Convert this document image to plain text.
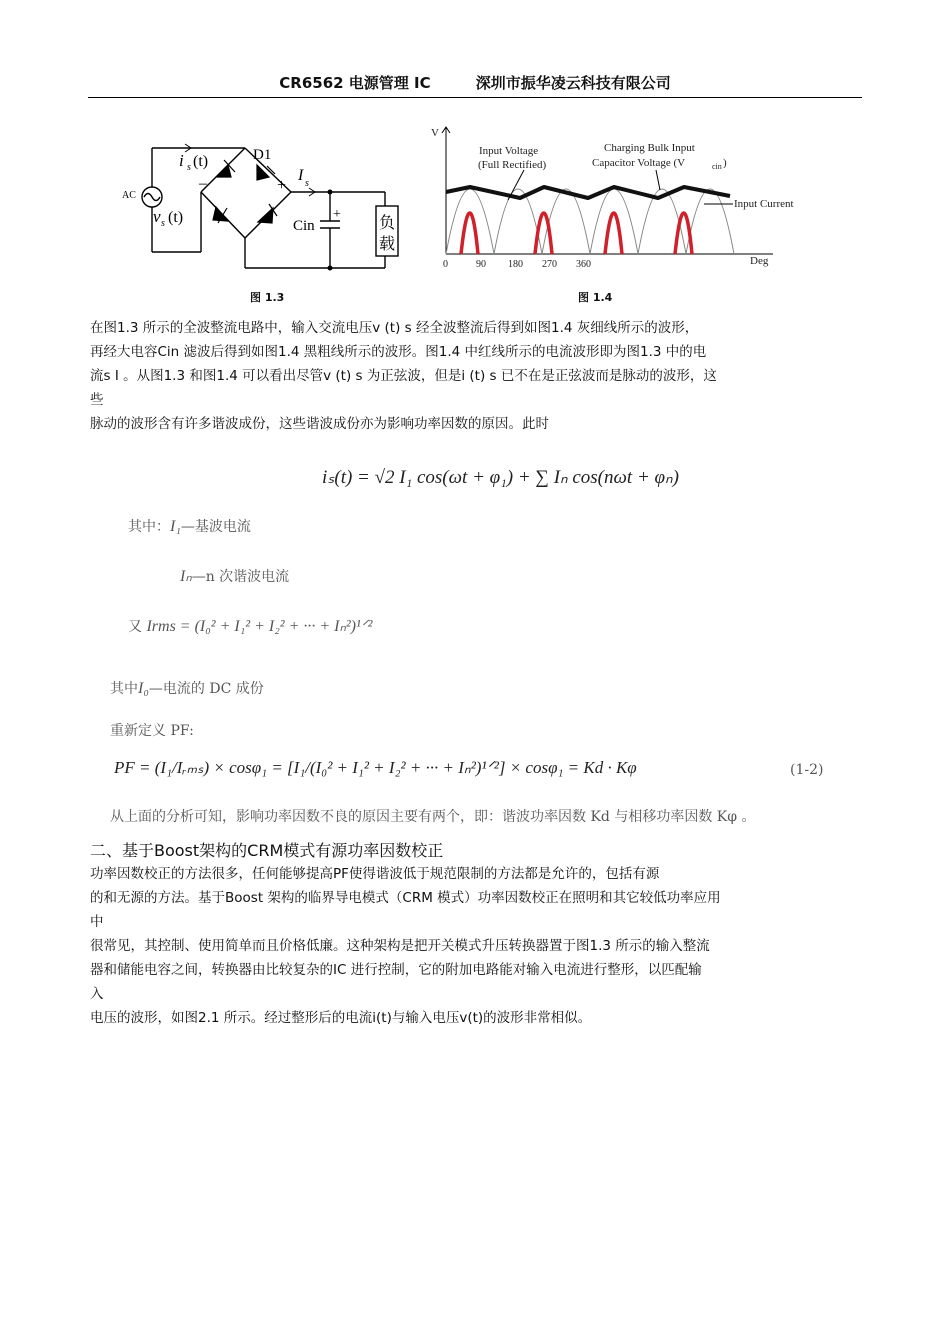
CR6562 电源管理 IC	深圳市振华凌云科技有限公司
i s (t)	D1
+
–	I s
AC
v s (t)	Cin
+
负
载
图 1.3
V
Deg
Input Voltage
(Full Rectified)
Charging Bulk Input
Capacitor Voltage (V	cin )
Input Current
0	90 180 270 360
图 1.4

在图1.3 所示的全波整流电路中，输入交流电压v (t) s 经全波整流后得到如图1.4 灰细线所示的波形，

再经大电容Cin 滤波后得到如图1.4 黑粗线所示的波形。图1.4 中红线所示的电流波形即为图1.3 中的电

流s I 。从图1.3 和图1.4 可以看出尽管v (t) s 为正弦波，但是i (t) s 已不在是正弦波而是脉动的波形，这

些

脉动的波形含有许多谐波成份，这些谐波成份亦为影响功率因数的原因。此时

iₛ(t) = √2 I₁ cos(ωt + φ₁) + ∑ Iₙ cos(nωt + φₙ)
其中：I₁—基波电流
Iₙ—n 次谐波电流
又 Irms = (I₀² + I₁² + I₂² + ··· + Iₙ²)¹ᐟ²
其中I₀—电流的 DC 成份
重新定义 PF:
PF = (I₁/Iᵣₘₛ) × cosφ₁ = [I₁/(I₀² + I₁² + I₂² + ··· + Iₙ²)¹ᐟ²] × cosφ₁ = Kd · Kφ	(1-2)
从上面的分析可知，影响功率因数不良的原因主要有两个，即：谐波功率因数 Kd 与相移功率因数 Kφ 。
二、基于Boost架构的CRM模式有源功率因数校正

功率因数校正的方法很多，任何能够提高PF使得谐波低于规范限制的方法都是允许的，包括有源

的和无源的方法。基于Boost 架构的临界导电模式（CRM 模式）功率因数校正在照明和其它较低功率应用

中

很常见，其控制、使用简单而且价格低廉。这种架构是把开关模式升压转换器置于图1.3 所示的输入整流

器和储能电容之间，转换器由比较复杂的IC 进行控制，它的附加电路能对输入电流进行整形，以匹配输

入

电压的波形，如图2.1 所示。经过整形后的电流i(t)与输入电压v(t)的波形非常相似。
